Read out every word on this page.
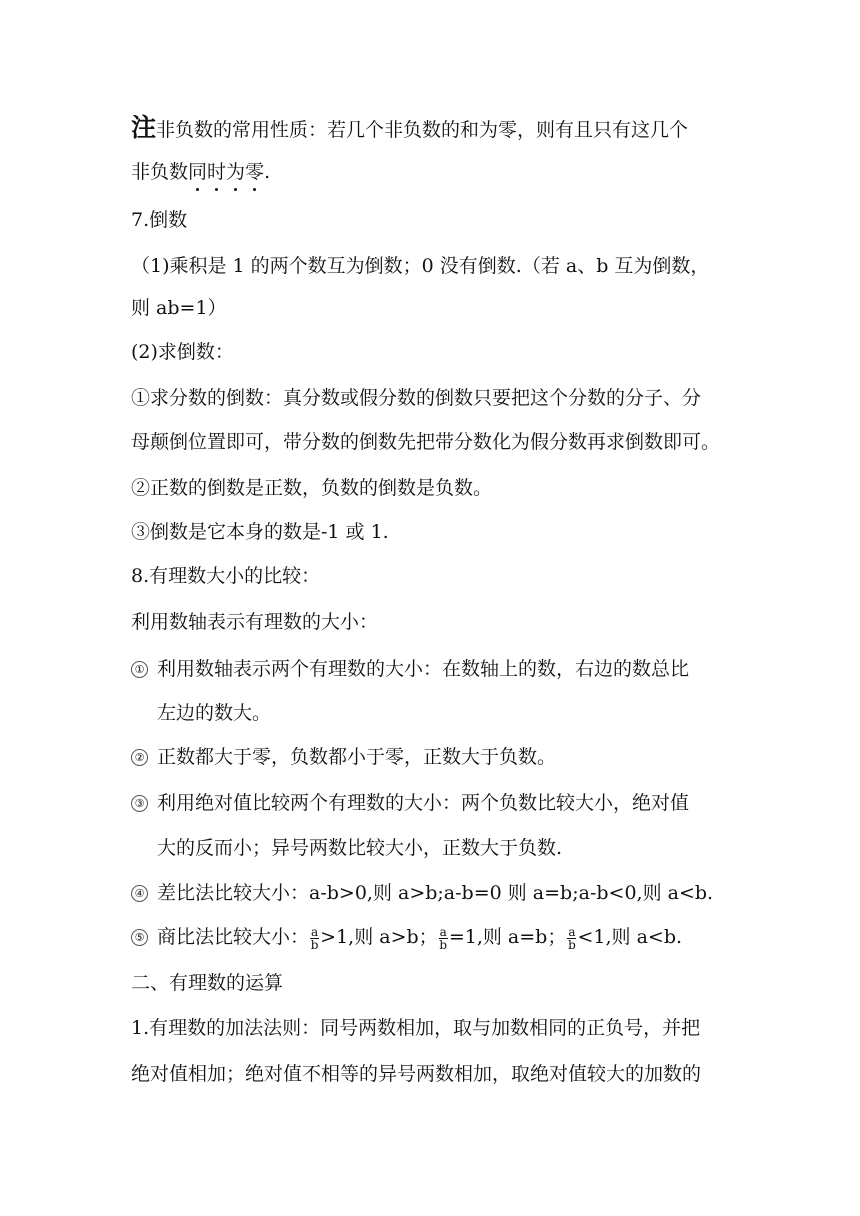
注非负数的常用性质：若几个非负数的和为零，则有且只有这几个
非负数同时为零.
7.倒数
（1)乘积是 1 的两个数互为倒数；0 没有倒数.（若 a、b 互为倒数，
则 ab=1）
(2)求倒数：
①求分数的倒数：真分数或假分数的倒数只要把这个分数的分子、分
母颠倒位置即可，带分数的倒数先把带分数化为假分数再求倒数即可。
②正数的倒数是正数，负数的倒数是负数。
③倒数是它本身的数是-1 或 1.
8.有理数大小的比较：
利用数轴表示有理数的大小：
① 利用数轴表示两个有理数的大小：在数轴上的数，右边的数总比
左边的数大。
② 正数都大于零，负数都小于零，正数大于负数。
③ 利用绝对值比较两个有理数的大小：两个负数比较大小，绝对值
大的反而小；异号两数比较大小，正数大于负数.
④ 差比法比较大小：a-b>0,则 a>b;a-b=0 则 a=b;a-b<0,则 a<b.
⑤ 商比法比较大小： $\frac{a}{b} >1$,则 a>b； $\frac{a}{b} =1$,则 a=b； $\frac{a}{b} <1$,则 a<b.
二、有理数的运算
1.有理数的加法法则：同号两数相加，取与加数相同的正负号，并把
绝对值相加；绝对值不相等的异号两数相加，取绝对值较大的加数的
